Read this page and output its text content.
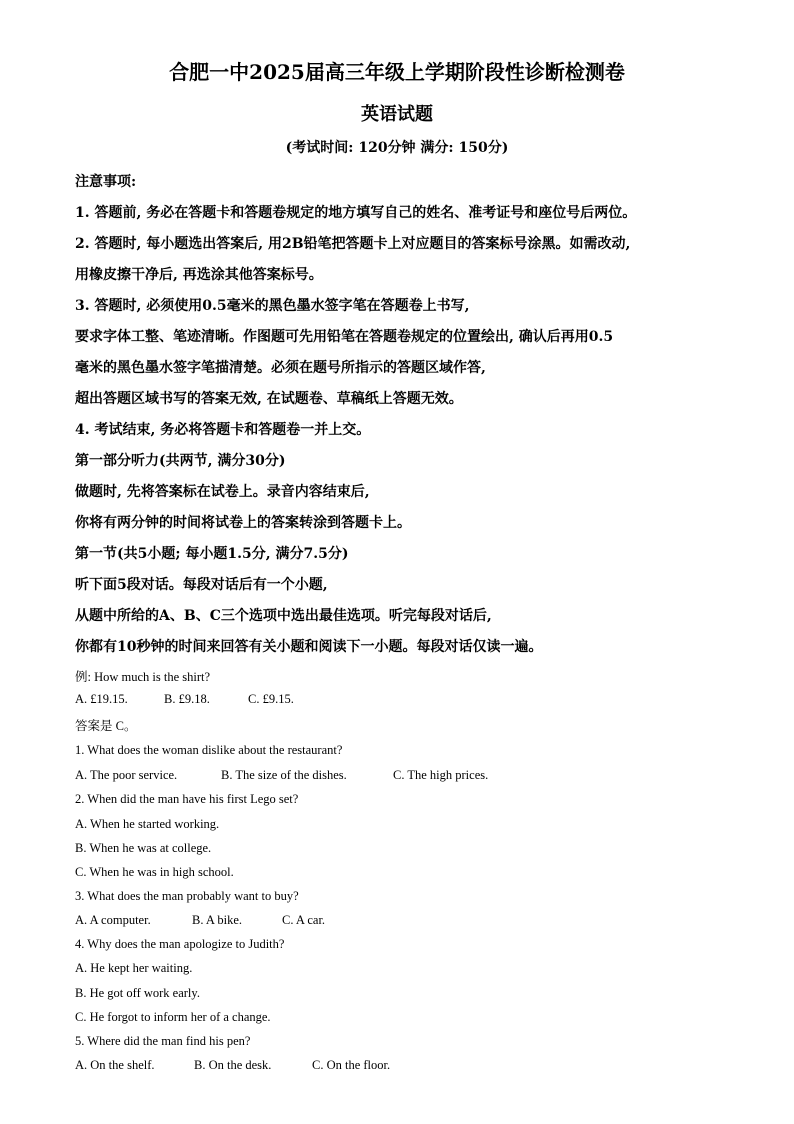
合肥一中2025届高三年级上学期阶段性诊断检测卷
英语试题
(考试时间: 120分钟 满分: 150分)
注意事项:
1. 答题前, 务必在答题卡和答题卷规定的地方填写自己的姓名、准考证号和座位号后两位。
2. 答题时, 每小题选出答案后, 用2B铅笔把答题卡上对应题目的答案标号涂黑。如需改动,
用橡皮擦干净后, 再选涂其他答案标号。
3. 答题时, 必须使用0.5毫米的黑色墨水签字笔在答题卷上书写,
要求字体工整、笔迹清晰。作图题可先用铅笔在答题卷规定的位置绘出, 确认后再用0.5
毫米的黑色墨水签字笔描清楚。必须在题号所指示的答题区域作答,
超出答题区域书写的答案无效, 在试题卷、草稿纸上答题无效。
4. 考试结束, 务必将答题卡和答题卷一并上交。
第一部分听力(共两节, 满分30分)
做题时, 先将答案标在试卷上。录音内容结束后,
你将有两分钟的时间将试卷上的答案转涂到答题卡上。
第一节(共5小题; 每小题1.5分, 满分7.5分)
听下面5段对话。每段对话后有一个小题,
从题中所给的A、B、C三个选项中选出最佳选项。听完每段对话后,
你都有10秒钟的时间来回答有关小题和阅读下一小题。每段对话仅读一遍。
例: How much is the shirt?
A. £19.15.	B. £9.18.	C. £9.15.
答案是 C。
1. What does the woman dislike about the restaurant?
A. The poor service.	B. The size of the dishes.	C. The high prices.
2. When did the man have his first Lego set?
A. When he started working.
B. When he was at college.
C. When he was in high school.
3. What does the man probably want to buy?
A. A computer.	B. A bike.	C. A car.
4. Why does the man apologize to Judith?
A. He kept her waiting.
B. He got off work early.
C. He forgot to inform her of a change.
5. Where did the man find his pen?
A. On the shelf.	B. On the desk.	C. On the floor.
